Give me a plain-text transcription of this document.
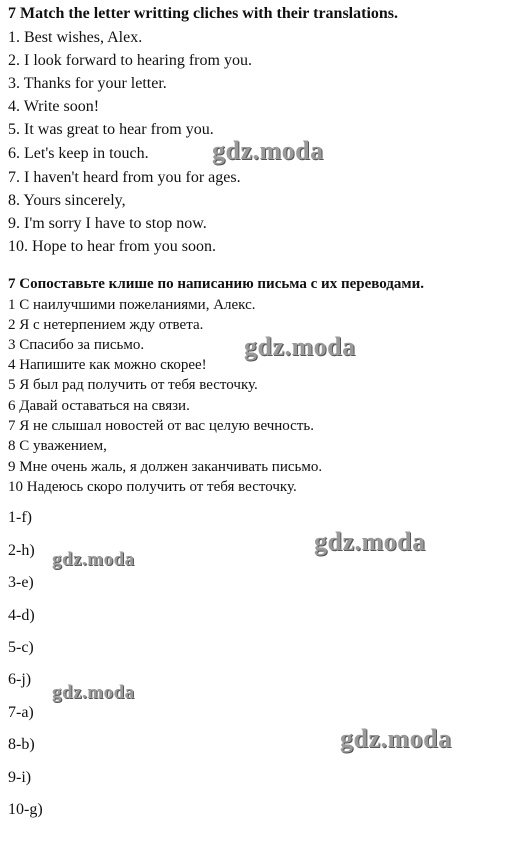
7 Match the letter writting cliches with their translations.
1. Best wishes, Alex.
2. I look forward to hearing from you.
3. Thanks for your letter.
4. Write soon!
5. It was great to hear from you.
6. Let's keep in touch.
7. I haven't heard from you for ages.
8. Yours sincerely,
9. I'm sorry I have to stop now.
10. Hope to hear from you soon.
7 Сопоставьте клише по написанию письма с их переводами.
1 С наилучшими пожеланиями, Алекс.
2 Я с нетерпением жду ответа.
3 Спасибо за письмо.
4 Напишите как можно скорее!
5 Я был рад получить от тебя весточку.
6 Давай оставаться на связи.
7 Я не слышал новостей от вас целую вечность.
8 С уважением,
9 Мне очень жаль, я должен заканчивать письмо.
10 Надеюсь скоро получить от тебя весточку.
1-f)
2-h)
3-e)
4-d)
5-c)
6-j)
7-a)
8-b)
9-i)
10-g)
gdz.moda
gdz.moda
gdz.moda
gdz.moda
gdz.moda
gdz.moda
